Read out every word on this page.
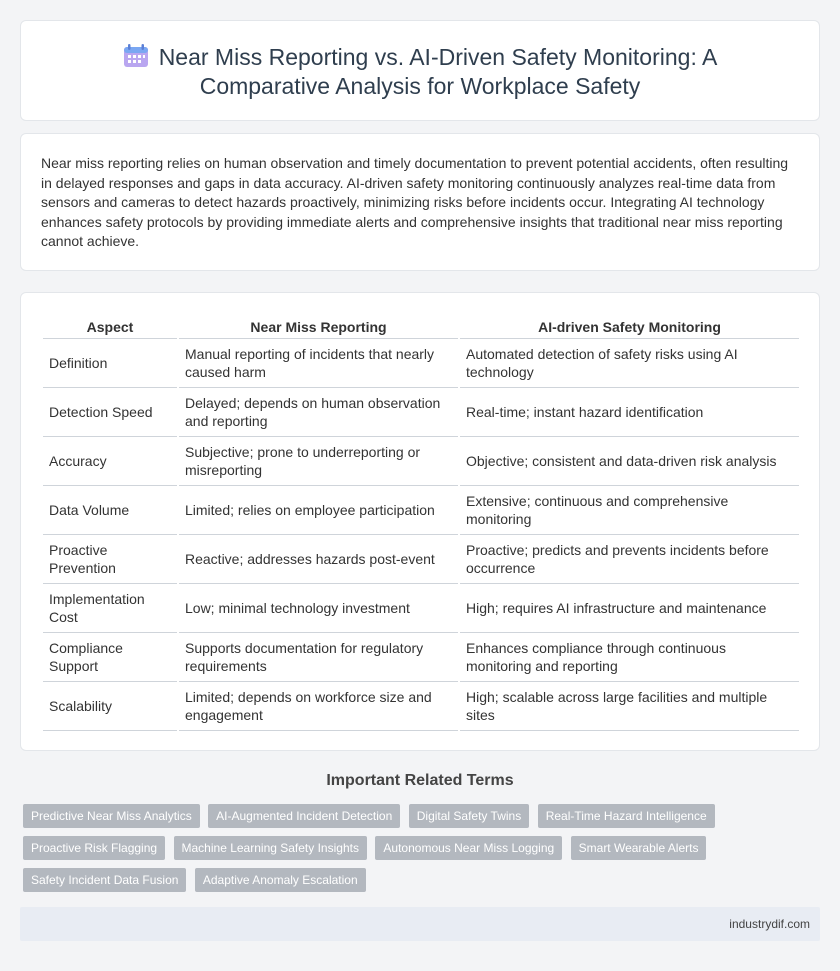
Near Miss Reporting vs. AI-Driven Safety Monitoring: A
Comparative Analysis for Workplace Safety

Near miss reporting relies on human observation and timely documentation to prevent potential accidents, often resulting in delayed responses and gaps in data accuracy. AI-driven safety monitoring continuously analyzes real-time data from sensors and cameras to detect hazards proactively, minimizing risks before incidents occur. Integrating AI technology enhances safety protocols by providing immediate alerts and comprehensive insights that traditional near miss reporting cannot achieve.

Aspect	Near Miss Reporting	AI-driven Safety Monitoring
Definition	Manual reporting of incidents that nearly caused harm	Automated detection of safety risks using AI technology
Detection Speed	Delayed; depends on human observation and reporting	Real-time; instant hazard identification
Accuracy	Subjective; prone to underreporting or misreporting	Objective; consistent and data-driven risk analysis
Data Volume	Limited; relies on employee participation	Extensive; continuous and comprehensive monitoring
Proactive Prevention	Reactive; addresses hazards post-event	Proactive; predicts and prevents incidents before occurrence
Implementation Cost	Low; minimal technology investment	High; requires AI infrastructure and maintenance
Compliance Support	Supports documentation for regulatory requirements	Enhances compliance through continuous monitoring and reporting
Scalability	Limited; depends on workforce size and engagement	High; scalable across large facilities and multiple sites
Important Related Terms
Predictive Near Miss Analytics AI-Augmented Incident Detection Digital Safety Twins Real-Time Hazard Intelligence Proactive Risk Flagging Machine Learning Safety Insights Autonomous Near Miss Logging Smart Wearable Alerts Safety Incident Data Fusion Adaptive Anomaly Escalation
industrydif.com
